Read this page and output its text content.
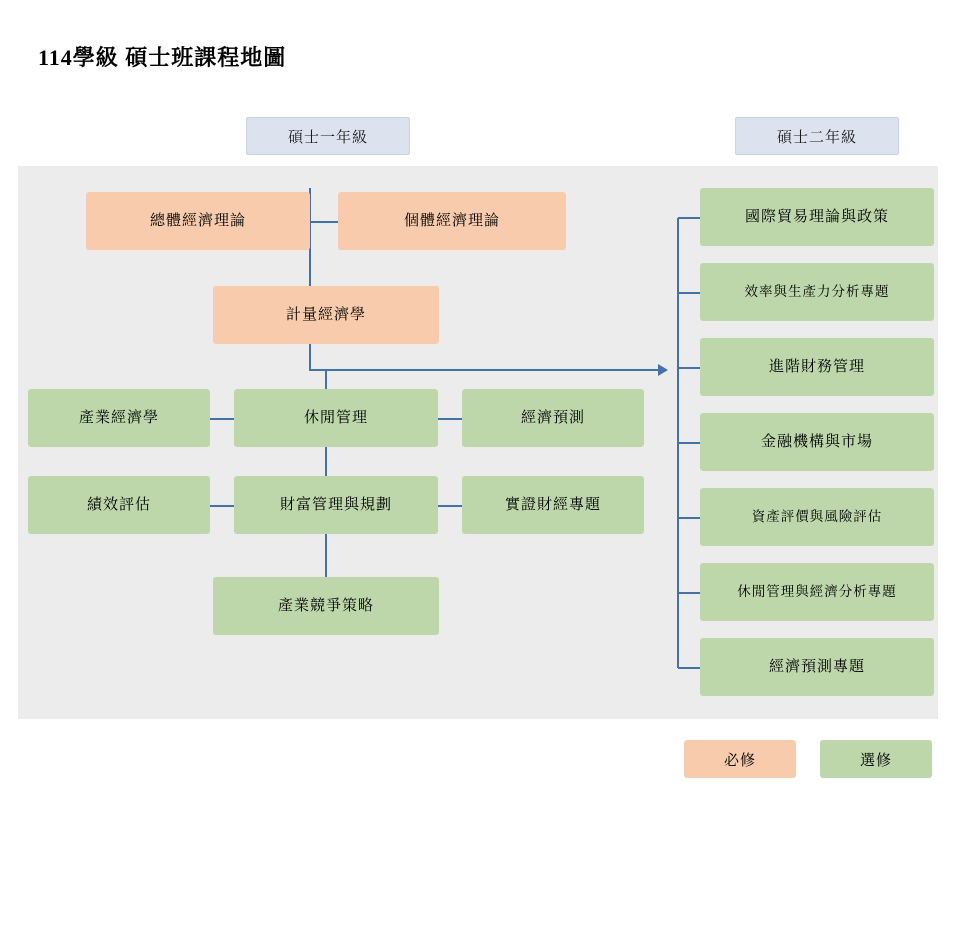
114學級 碩士班課程地圖
碩士一年級	碩士二年級
總體經濟理論	個體經濟理論
計量經濟學
產業經濟學	休閒管理	經濟預測
績效評估	財富管理與規劃	實證財經專題
產業競爭策略
國際貿易理論與政策
效率與生產力分析專題
進階財務管理
金融機構與市場
資產評價與風險評估
休閒管理與經濟分析專題
經濟預測專題
必修	選修
